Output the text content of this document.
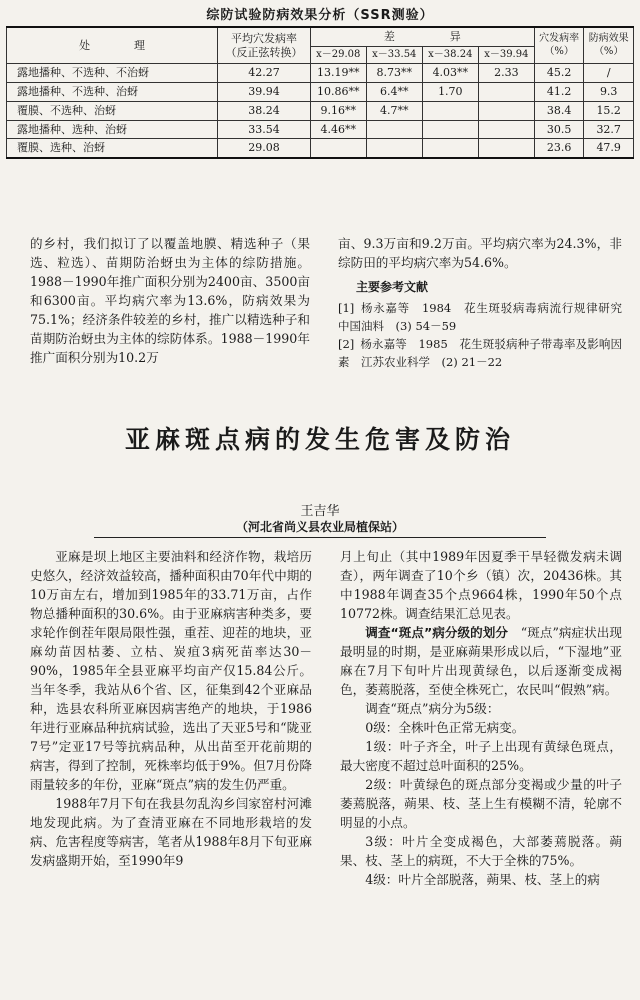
综防试验防病效果分析（SSR测验）
处　　　　理	平均穴发病率
（反正弦转换）	差　　　　　异				穴发病率（%）	防病效果（%）
		x－29.08	x－33.54	x－38.24	x－39.94		
露地播种、不选种、不治蚜	42.27	13.19**	8.73**	4.03**	2.33	45.2	/
露地播种、不选种、治蚜	39.94	10.86**	6.4**	1.70		41.2	9.3
覆膜、不选种、治蚜	38.24	9.16**	4.7**			38.4	15.2
露地播种、选种、治蚜	33.54	4.46**				30.5	32.7
覆膜、选种、治蚜	29.08					23.6	47.9

的乡村，我们拟订了以覆盖地膜、精选种子（果选、粒选）、苗期防治蚜虫为主体的综防措施。1988－1990年推广面积分别为2400亩、3500亩和6300亩。平均病穴率为13.6%，防病效果为75.1%；经济条件较差的乡村，推广以精选种子和苗期防治蚜虫为主体的综防体系。1988－1990年推广面积分别为10.2万

亩、9.3万亩和9.2万亩。平均病穴率为24.3%，非综防田的平均病穴率为54.6%。

主要参考文献
[1] 杨永嘉等　1984　花生斑驳病毒病流行规律研究　中国油料　(3) 54－59
[2] 杨永嘉等　1985　花生斑驳病种子带毒率及影响因素　江苏农业科学　(2) 21－22
亚麻斑点病的发生危害及防治
王吉华
（河北省尚义县农业局植保站）

亚麻是坝上地区主要油料和经济作物，栽培历史悠久，经济效益较高，播种面积由70年代中期的10万亩左右，增加到1985年的33.71万亩，占作物总播种面积的30.6%。由于亚麻病害种类多，要求轮作倒茬年限局限性强，重茬、迎茬的地块，亚麻幼苗因枯萎、立枯、炭疽3病死苗率达30－90%，1985年全县亚麻平均亩产仅15.84公斤。当年冬季，我站从6个省、区，征集到42个亚麻品种，选县农科所亚麻因病害绝产的地块，于1986年进行亚麻品种抗病试验，选出了天亚5号和“陇亚7号”定亚17号等抗病品种，从出苗至开花前期的病害，得到了控制，死株率均低于9%。但7月份降雨量较多的年份，亚麻“斑点”病的发生仍严重。

1988年7月下旬在我县勿乱沟乡闫家窑村河滩地发现此病。为了查清亚麻在不同地形栽培的发病、危害程度等病害，笔者从1988年8月下旬亚麻发病盛期开始，至1990年9

月上旬止（其中1989年因夏季干旱轻微发病未调查），两年调查了10个乡（镇）次，20436株。其中1988年调查35个点9664株，1990年50个点10772株。调查结果汇总见表。

调查“斑点”病分级的划分　 “斑点”病症状出现最明显的时期，是亚麻蒴果形成以后，“下湿地”亚麻在7月下旬叶片出现黄绿色，以后逐渐变成褐色，萎蔫脱落，至使全株死亡，农民叫“假熟”病。

调查“斑点”病分为5级：

0级：全株叶色正常无病变。

1级：叶子齐全，叶子上出现有黄绿色斑点，最大密度不超过总叶面积的25%。

2级：叶黄绿色的斑点部分变褐或少量的叶子萎蔫脱落，蒴果、枝、茎上生有模糊不清，轮廓不明显的小点。

3级：叶片全变成褐色，大部萎蔫脱落。蒴果、枝、茎上的病斑，不大于全株的75%。

4级：叶片全部脱落，蒴果、枝、茎上的病
